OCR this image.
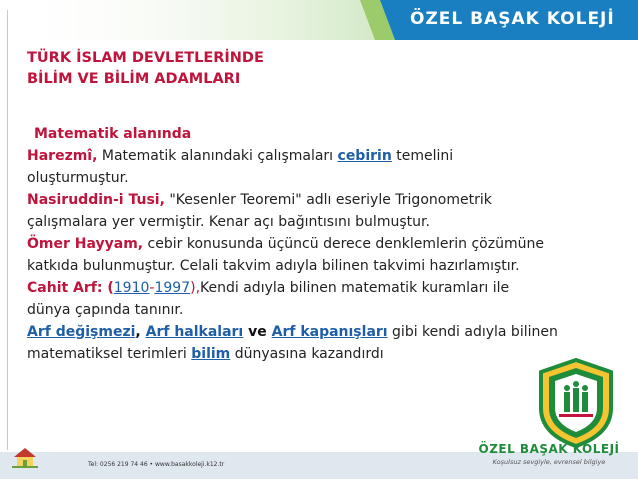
ÖZEL BAŞAK KOLEJİ
TÜRK İSLAM DEVLETLERİNDE
BİLİM VE BİLİM ADAMLARI
Matematik alanında
Harezmî, Matematik alanındaki çalışmaları cebirin temelini
oluşturmuştur.
Nasiruddin-i Tusi, "Kesenler Teoremi" adlı eseriyle Trigonometrik
çalışmalara yer vermiştir. Kenar açı bağıntısını bulmuştur.
Ömer Hayyam, cebir konusunda üçüncü derece denklemlerin çözümüne
katkıda bulunmuştur. Celali takvim adıyla bilinen takvimi hazırlamıştır.
Cahit Arf: (1910-1997),Kendi adıyla bilinen matematik kuramları ile
dünya çapında tanınır.
Arf değişmezi, Arf halkaları ve Arf kapanışları gibi kendi adıyla bilinen
matematiksel terimleri bilim dünyasına kazandırdı
Tel: 0256 219 74 46 • www.basakkoleji.k12.tr
ÖZEL BAŞAK KOLEJİ
Koşulsuz sevgiyle, evrensel bilgiye
